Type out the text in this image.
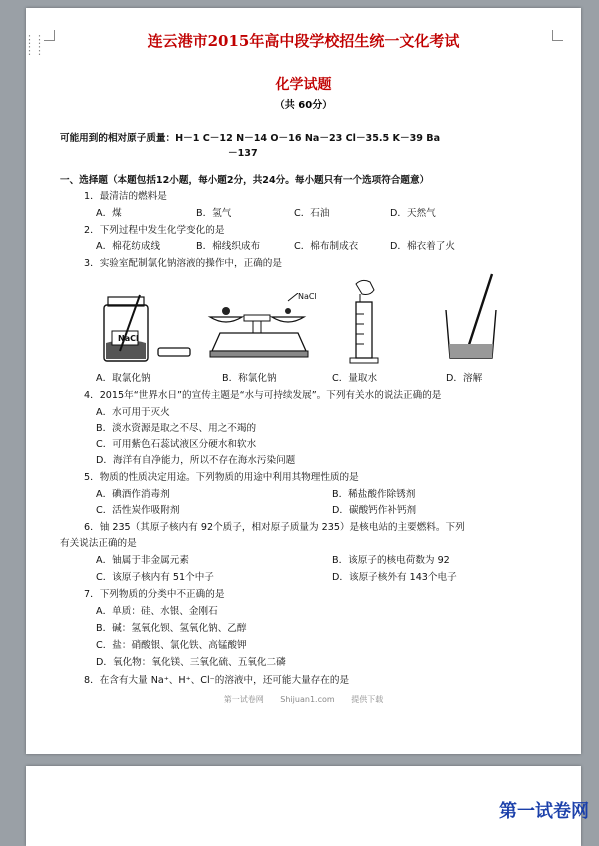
连云港市2015年高中段学校招生统一文化考试
化学试题
（共 60分）
可能用到的相对原子质量：H－1 C－12 N－14 O－16 Na－23 Cl－35.5 K－39 Ba
－137
一、选择题（本题包括12小题，每小题2分，共24分。每小题只有一个选项符合题意）
1．最清洁的燃料是
A．煤	B．氢气	C．石油	D．天然气
2．下列过程中发生化学变化的是
A．棉花纺成线	B．棉线织成布	C．棉布制成衣	D．棉衣着了火
3．实验室配制氯化钠溶液的操作中，正确的是
NaCl
NaCl
A．取氯化钠	B．称氯化钠	C．量取水	D．溶解
4．2015年“世界水日”的宣传主题是“水与可持续发展”。下列有关水的说法正确的是
A．水可用于灭火
B．淡水资源是取之不尽、用之不竭的
C．可用紫色石蕊试液区分硬水和软水
D．海洋有自净能力，所以不存在海水污染问题
5．物质的性质决定用途。下列物质的用途中利用其物理性质的是
A．碘酒作消毒剂	B．稀盐酸作除锈剂
C．活性炭作吸附剂	D．碳酸钙作补钙剂
6．铀 235（其原子核内有 92个质子，相对原子质量为 235）是核电站的主要燃料。下列
有关说法正确的是
A．铀属于非金属元素	B．该原子的核电荷数为 92
C．该原子核内有 51个中子	D．该原子核外有 143个电子
7．下列物质的分类中不正确的是
A．单质：硅、水银、金刚石
B．碱：氢氧化钡、氢氧化钠、乙醇
C．盐：硝酸银、氯化铁、高锰酸钾
D．氧化物：氧化镁、三氧化硫、五氧化二磷
8．在含有大量 Na⁺、H⁺、Cl⁻的溶液中，还可能大量存在的是
第一试卷网 Shijuan1.com 提供下载
⋮⋮
⋮⋮
第一试卷网
